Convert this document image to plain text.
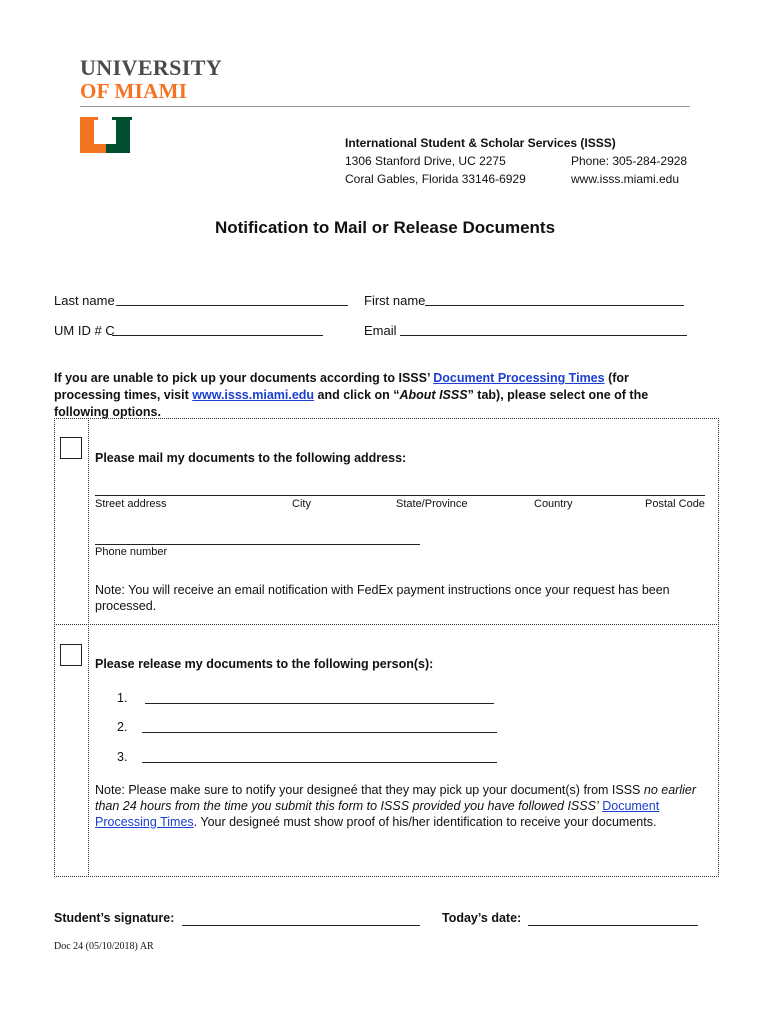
UNIVERSITY
OF MIAMI
International Student & Scholar Services (ISSS)
1306 Stanford Drive, UC 2275
Coral Gables, Florida 33146-6929
Phone: 305-284-2928
www.isss.miami.edu
Notification to Mail or Release Documents
Last name	First name
UM ID # C	Email
If you are unable to pick up your documents according to ISSS’ Document Processing Times (for processing times, visit www.isss.miami.edu and click on “About ISSS” tab), please select one of the following options.
Please mail my documents to the following address:
Street address	City	State/Province	Country	Postal Code
Phone number
Note: You will receive an email notification with FedEx payment instructions once your request has been processed.
Please release my documents to the following person(s):
1.
2.
3.
Note: Please make sure to notify your designeé that they may pick up your document(s) from ISSS no earlier than 24 hours from the time you submit this form to ISSS provided you have followed ISSS’ Document Processing Times. Your designeé must show proof of his/her identification to receive your documents.
Student’s signature:	Today’s date:
Doc 24 (05/10/2018) AR
